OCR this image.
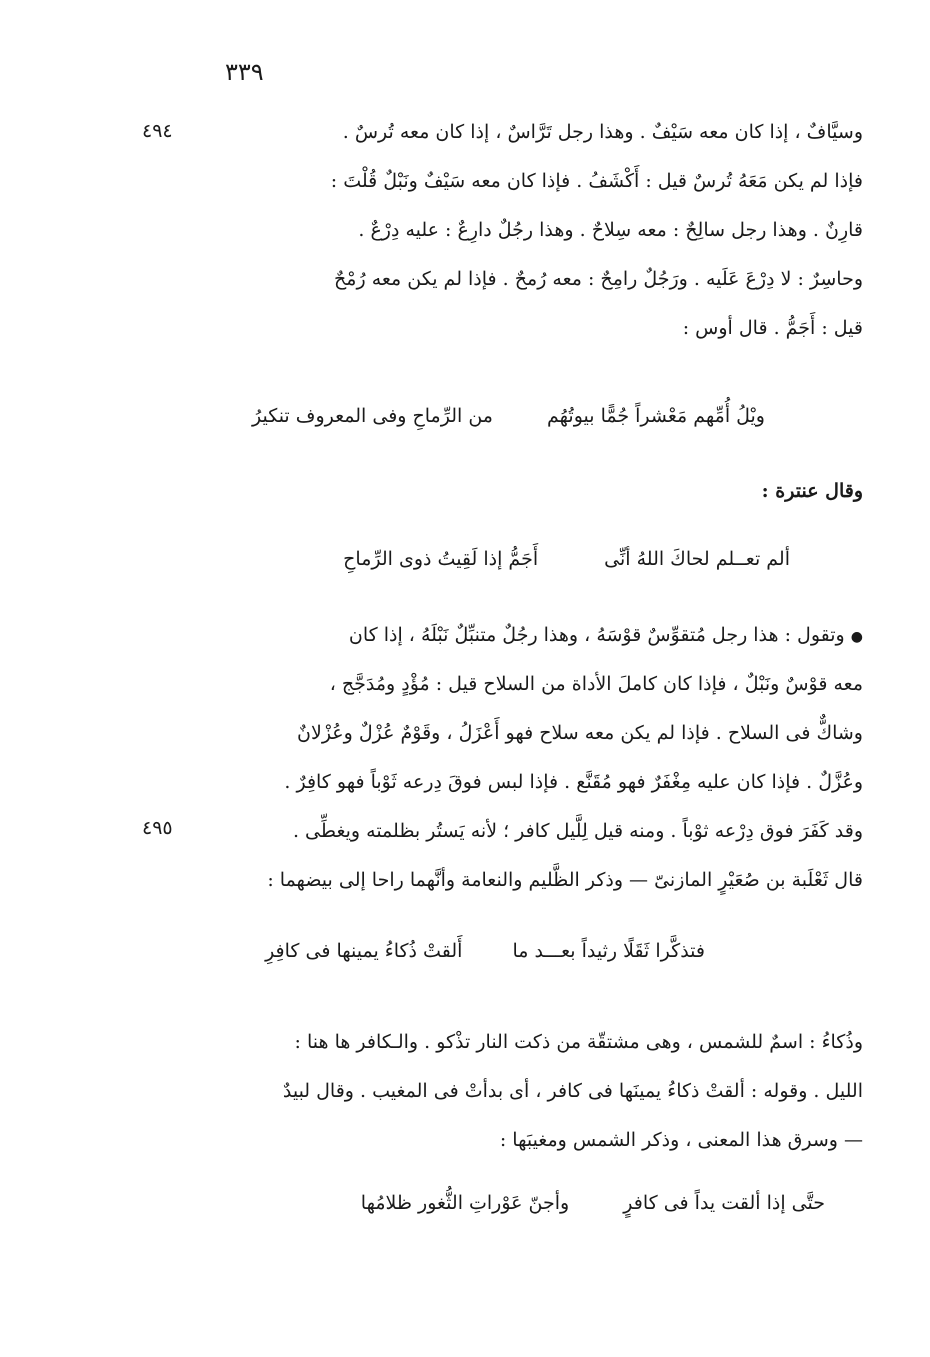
٣٣٩
وسيَّافٌ ، إذا كان معه سَيْفٌ . وهذا رجل تَرَّاسٌ ، إذا كان معه تُرسٌ .
فإذا لم يكن مَعَهُ تُرسٌ قيل : أَكْشَفُ . فإذا كان معه سَيْفٌ ونَبْلٌ قُلْتَ :
قارِنٌ . وهذا رجل سالِحٌ : معه سِلاحٌ . وهذا رجُلٌ دارِعٌ : عليه دِرْعٌ .
وحاسِرٌ : لا دِرْعَ عَلَيه . ورَجُلٌ رامِحٌ : معه رُمحٌ . فإذا لم يكن معه رُمْحٌ
قيل : أَجَمُّ . قال أوس :
٤٩٤
ويْلُ أُمِّهم مَعْشراً جُمًّا بيوتُهُم من الرِّماحِ وفى المعروف تنكيرُ
وقال عنترة :
ألم تعــلم لحاكَ اللهُ أنِّى أَجَمُّ إذا لَقِيتُ ذوى الرِّماحِ
● وتقول : هذا رجل مُتقوِّسٌ قوْسَهُ ، وهذا رجُلٌ متنبِّلٌ نَبْلَهُ ، إذا كان
معه قوْسٌ ونَبْلٌ ، فإذا كان كاملَ الأداة من السلاح قيل : مُؤْدٍ ومُدَجَّج ،
وشاكٌّ فى السلاح . فإذا لم يكن معه سلاح فهو أَعْزَلُ ، وقَوْمٌ عُزْلٌ وعُزْلانٌ
وعُزَّلٌ . فإذا كان عليه مِغْفَرٌ فهو مُقَنَّع . فإذا لبس فوقَ دِرعه ثَوْباً فهو كافِرٌ .
وقد كَفَرَ فوق دِرْعه ثوْباً . ومنه قيل لِلَّيل كافر ؛ لأنه يَستُر بظلمته ويغطِّى .
قال ثَعْلَبة بن صُعَيْرٍ المازنىّ — وذكر الظَّليم والنعامة وأنَّهما راحا إلى بيضهما :
٤٩٥
فتذكَّرا ثَقَلًا رثيداً بعـــد ما أَلقتْ ذُكاءُ يمينها فى كافِرِ
وذُكاءُ : اسمٌ للشمس ، وهى مشتقّة من ذكت النار تذْكو . والـكافر ها هنا :
الليل . وقوله : ألقتْ ذكاءُ يمينَها فى كافر ، أى بدأتْ فى المغيب . وقال لبيدٌ
— وسرق هذا المعنى ، وذكر الشمس ومغيبَها :
حتَّى إذا ألقت يداً فى كافرٍ وأجنّ عَوْراتِ الثُّغور ظلامُها
